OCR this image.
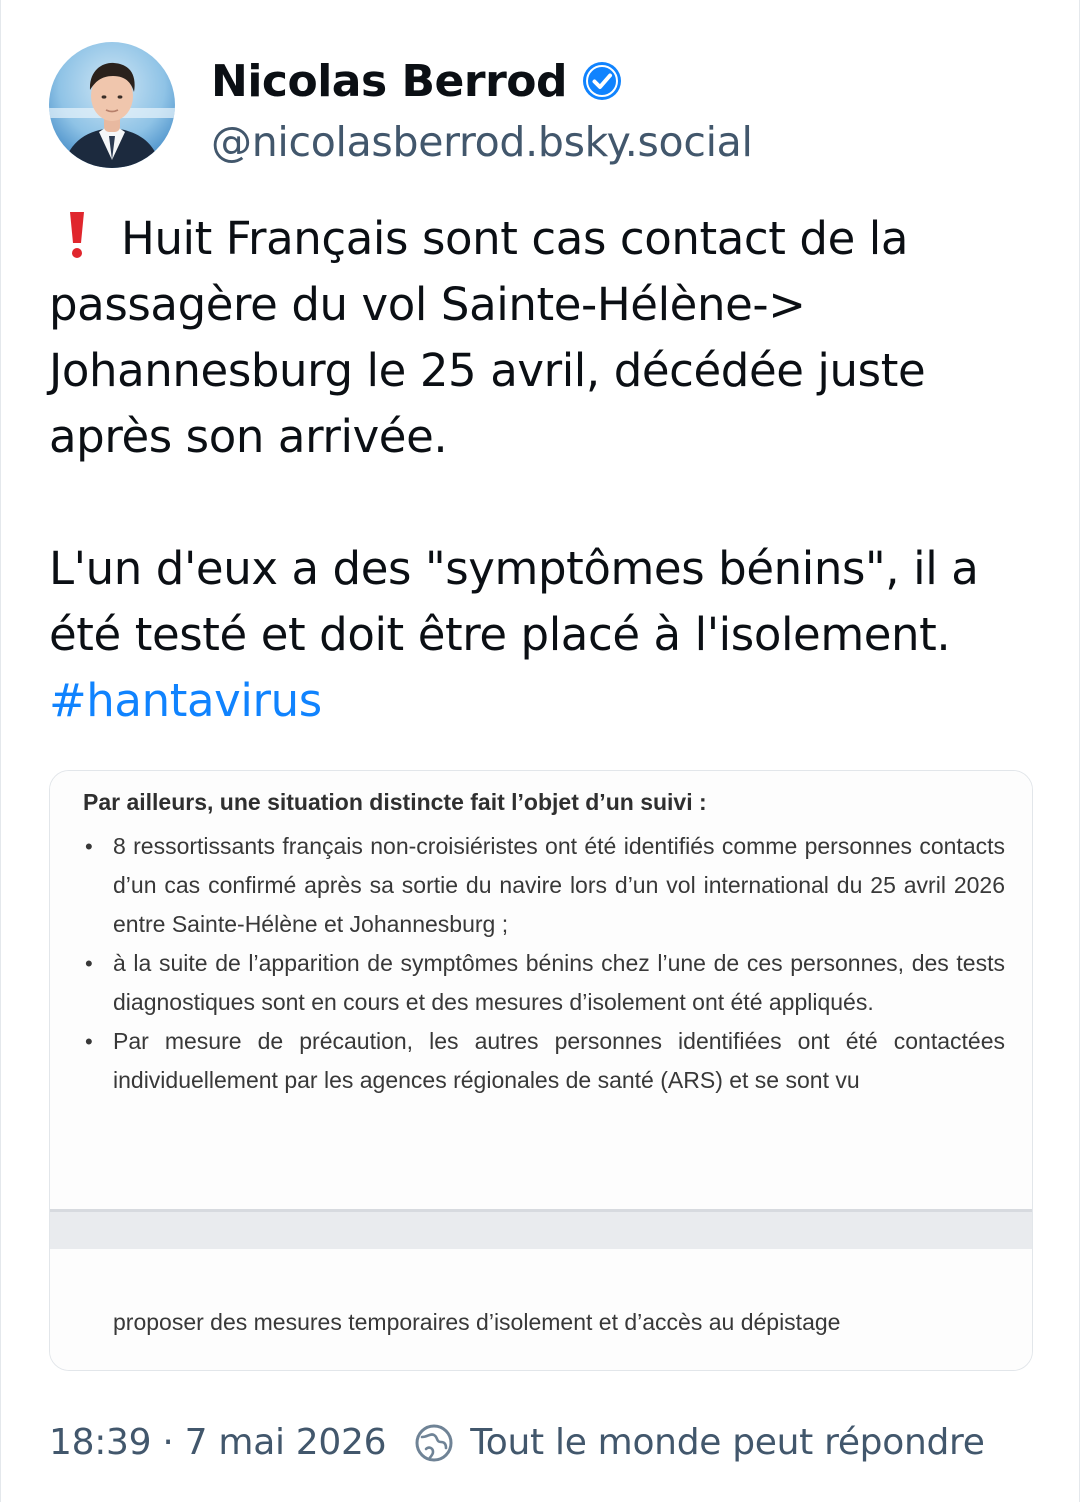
Nicolas Berrod
@nicolasberrod.bsky.social

Huit Français sont cas contact de la passagère du vol Sainte-Hélène-> Johannesburg le 25 avril, décédée juste après son arrivée.

L'un d'eux a des "symptômes bénins", il a été testé et doit être placé à l'isolement. #hantavirus

Par ailleurs, une situation distincte fait l’objet d’un suivi :
• 8 ressortissants français non-croisiéristes ont été identifiés comme personnes contacts d’un cas confirmé après sa sortie du navire lors d’un vol international du 25 avril 2026 entre Sainte-Hélène et Johannesburg ;
• à la suite de l’apparition de symptômes bénins chez l’une de ces personnes, des tests diagnostiques sont en cours et des mesures d’isolement ont été appliqués.
• Par mesure de précaution, les autres personnes identifiées ont été contactées individuellement par les agences régionales de santé (ARS) et se sont vu
proposer des mesures temporaires d’isolement et d’accès au dépistage
18:39 · 7 mai 2026 Tout le monde peut répondre
